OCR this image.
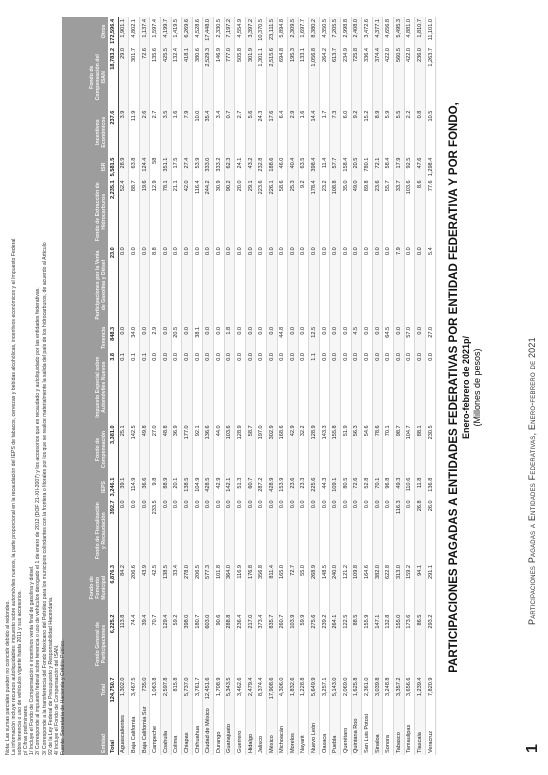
1
Participaciones Pagadas a Entidades Federativas, Enero-febrero de 2021
PARTICIPACIONES PAGADAS A ENTIDADES FEDERATIVAS POR ENTIDAD FEDERATIVA Y POR FONDO, Enero-febrero de 2021p/ (Millones de pesos)
Entidad	Total	Fondo General de Participaciones	Fondo de Fomento Municipal	Fondo de Fiscalización y Recaudación	IEPS	Fondo de Compensación	Impuesto Especial sobre Automóviles Nuevos	Tenencia	Participaciones por la Venta de Gasolina y Diésel	Fondo de Extracción de Hidrocarburos	ISR	Incentivos Económicos	Fondo de Compensación del ISAN	Otros
Total	124,750.7	6,225.2	6,876.3	392.7	3,246.1	3,381.0	3.8	848.3	23.0	2,235.1	5,581.5	237.6	18,783.2	172,596.4
Aguascalientes	1,302.0	113.8	84.2	0.0	39.1	25.1	0.1	0.0	0.0	52.4	28.9	3.9	29.0	1,901.1
Baja California	3,467.5	74.4	206.6	0.0	114.9	142.5	0.1	34.0	0.0	88.7	63.8	11.9	301.7	4,802.1
Baja California Sur	735.0	39.4	43.9	0.0	36.6	49.8	0.1	0.0	0.0	19.6	124.4	2.6	72.6	1,137.4
Campeche	1,063.8	70.7	42.5	233.5	9.8	27.0	0.0	2.9	8.8	12.9	58	2.7	135.6	1,597.4
Coahuila	2,597.8	129.4	138.5	0.0	88.9	48.8	0.0	0.0	0.0	78.1	351.1	3.5	425.5	4,199.7
Colima	815.8	59.2	33.4	0.0	20.1	36.9	0.0	20.5	0.0	21.1	17.5	1.6	132.4	1,419.5
Chiapas	5,737.0	398.0	278.0	0.0	138.5	177.0	0.0	0.0	0.0	42.0	27.4	7.9	418.1	6,269.6
Chihuahua	3,761.7	180.7	206.5	0.0	104.9	92.1	0.0	38.1	0.0	116.4	53.9	10.0	380.6	4,528.6
Ciudad de México	12,451.6	603.0	577.3	0.0	428.5	136.6	0.0	0.0	0.0	244.2	333.0	35.4	2,529.3	17,448.0
Durango	1,708.9	90.6	101.8	0.0	42.9	44.0	0.0	0.0	0.0	30.9	333.2	3.4	146.9	2,330.5
Guanajuato	5,343.5	288.8	364.0	0.0	142.1	103.6	0.0	1.8	0.0	90.2	62.3	0.7	777.0	7,197.2
Guerrero	3,462.6	236.4	116.9	0.0	51.3	128.9	0.0	0.0	0.0	20.0	24.1	2.7	505.8	4,554.9
Hidalgo	2,479.4	217.0	176.8	0.0	60.7	58.7	0.0	0.0	0.0	29.1	43.2	5.6	301.9	3,397.2
Jalisco	8,374.4	373.4	356.8	0.0	287.2	197.0	0.0	0.0	0.0	223.6	232.8	24.3	1,301.1	10,370.5
México	17,908.6	835.7	811.4	0.0	428.9	302.9	0.0	0.0	0.0	226.1	188.6	17.6	2,515.6	23,111.5
Michoacán	4,306.0	260.7	165.0	0.0	153.9	168.6	0.0	44.8	0.0	58.6	46.0	6.4	694.8	5,894.8
Morelos	1,832.6	103.9	72.7	0.0	23.6	42.9	0.0	0.0	0.0	25.3	40.4	2.9	195.3	2,309.5
Nayarit	1,228.8	59.9	55.0	0.0	23.3	32.2	0.0	0.0	0.0	9.2	63.5	1.6	133.1	1,697.7
Nuevo León	5,649.9	275.6	268.9	0.0	225.6	128.9	1.1	12.5	0.0	178.4	398.4	14.4	1,056.8	8,380.2
Oaxaca	3,257.1	239.2	148.5	0.0	44.3	143.3	0.0	0.0	0.0	23.2	11.4	1.7	264.2	4,350.5
Puebla	5,143.0	264.1	240.0	0.0	109.1	155.8	0.0	0.0	0.0	108.8	57.7	7.3	613.7	7,205.5
Querétaro	2,069.0	122.5	121.2	0.0	80.5	51.9	0.0	0.0	0.0	35.0	158.4	6.0	234.9	2,998.8
Quintana Roo	1,625.8	88.5	109.8	0.0	72.6	56.3	0.0	4.5	0.0	49.0	20.5	9.2	725.8	2,408.0
San Luis Potosí	2,361.0	155.9	164.6	0.0	52.8	54.6	0.0	0.0	0.0	89.8	780.1	15.2	336.4	3,472.6
Sinaloa	3,039.8	147.1	382.0	0.0	70.1	78.6	0.0	0.0	0.0	23.6	72.1	8.9	374.4	4,377.1
Sonora	3,248.8	132.8	622.8	0.0	96.8	70.1	0.0	64.5	0.0	55.7	58.4	5.9	422.0	4,656.8
Tabasco	3,357.2	155.0	313.0	116.3	49.3	98.7	0.0	0.0	7.9	33.7	17.9	5.5	560.5	5,495.3
Tamaulipas	3,656.6	173.6	159.2	0.0	110.6	104.7	0.0	57.0	0.0	103.6	92.5	2.2	422.0	4,881.0
Tlaxcala	1,239.4	86.5	94.1	26.8	11.8	88.1	0.0	0.0	0.0	8.6	47.6	0.8	236.0	1,810.7
Veracruz	7,820.9	293.2	291.1	26.0	136.8	230.5	0.0	27.0	5.4	77.6	1,298.4	10.5	1,263.7	11,101.0

Nota: Las sumas parciales pueden no coincidir debido al redondeo. La información incluye recursos autoliquidables: impuesto sobre automóviles nuevos, la parte proporcional en la recaudación del IEPS de tabacos, cervezas y bebidas alcohólicas, incentivos económicos y el Impuesto Federal sobre tenencia o uso de vehículos vigente hasta 2011 y sus accesorios. p/ Cifras preliminares. 1/ Incluye el Fondo de Compensación e incentivos venta final de gasolina y diésel. 2/ Corresponde al impuesto federal sobre tenencia o uso de vehículos derogado el 1 de enero de 2012 (DOF 21-XII-2007) y los accesorios que es recaudado y autoliquidado por las entidades federativas. 3/ Corresponde a la transferencia del Fondo Mexicano del Petróleo para los municipios colindantes con la frontera o litorales por los que se realice materialmente la salida del país de los hidrocarburos, de acuerdo al Artículo 92 de la Ley Federal de Presupuesto y Responsabilidad Hacendaria. 4/ Incluye el Fondo de Compensación del ISAN. Fuente: Secretaría de Hacienda y Crédito Público.
